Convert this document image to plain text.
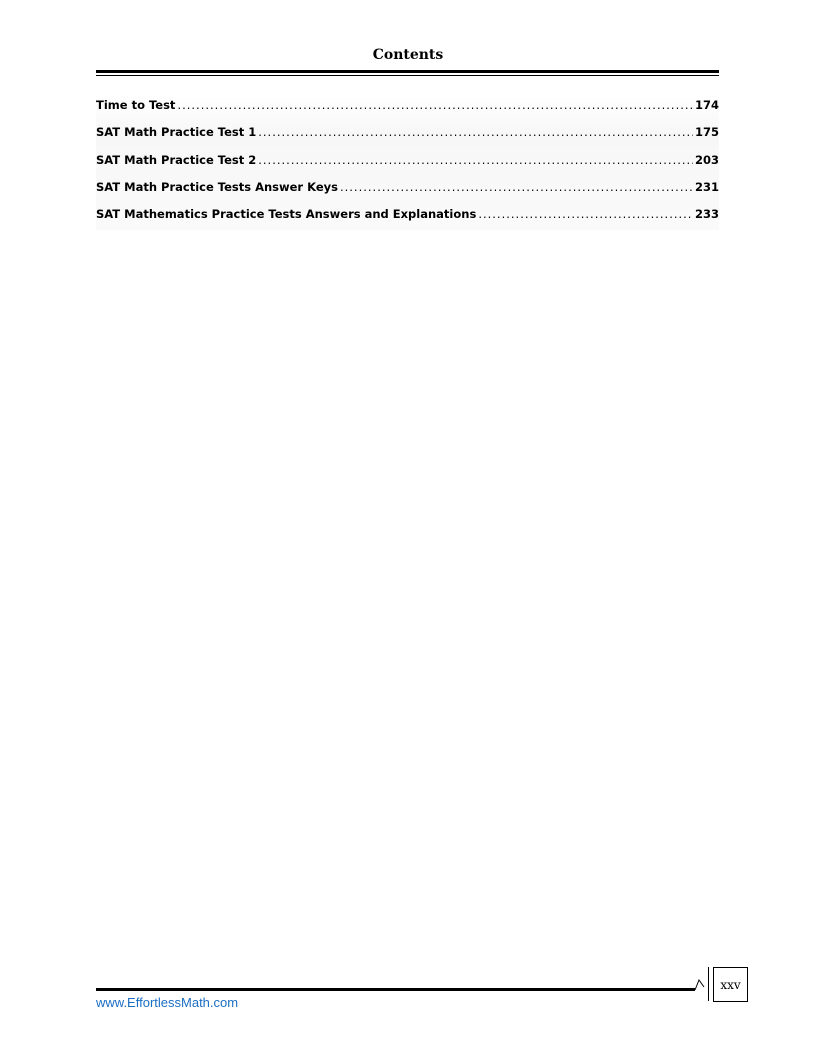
Contents
Time to Test .....	174
SAT Math Practice Test 1 .....	175
SAT Math Practice Test 2 .....	203
SAT Math Practice Tests Answer Keys .....	231
SAT Mathematics Practice Tests Answers and Explanations .....	233
xxv
www.EffortlessMath.com
